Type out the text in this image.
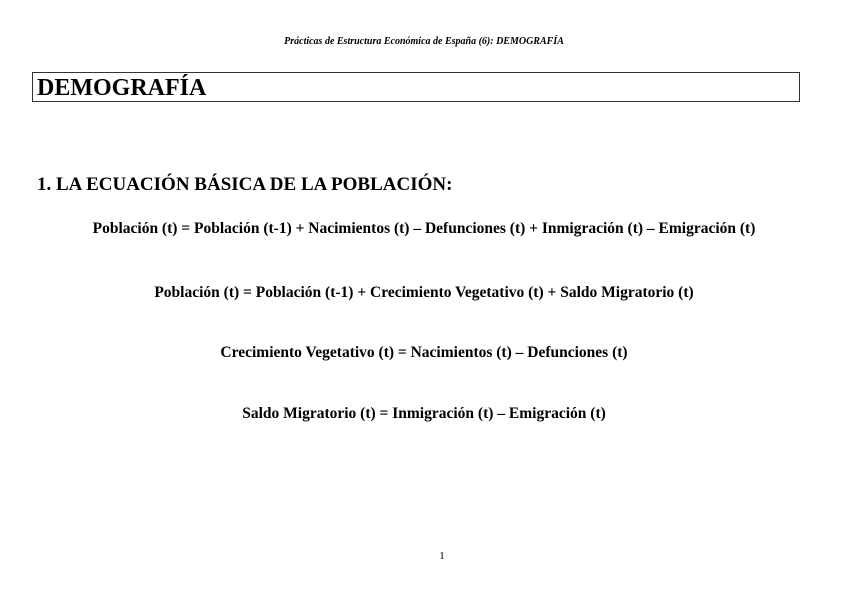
Prácticas de Estructura Económica de España (6): DEMOGRAFÍA
DEMOGRAFÍA
1. LA ECUACIÓN BÁSICA DE LA POBLACIÓN:
Población (t) = Población (t-1) + Nacimientos (t) – Defunciones (t) + Inmigración (t) – Emigración (t)
Población (t) = Población (t-1) + Crecimiento Vegetativo (t) + Saldo Migratorio (t)
Crecimiento Vegetativo (t) = Nacimientos (t) – Defunciones (t)
Saldo Migratorio (t) = Inmigración (t) – Emigración (t)
1
